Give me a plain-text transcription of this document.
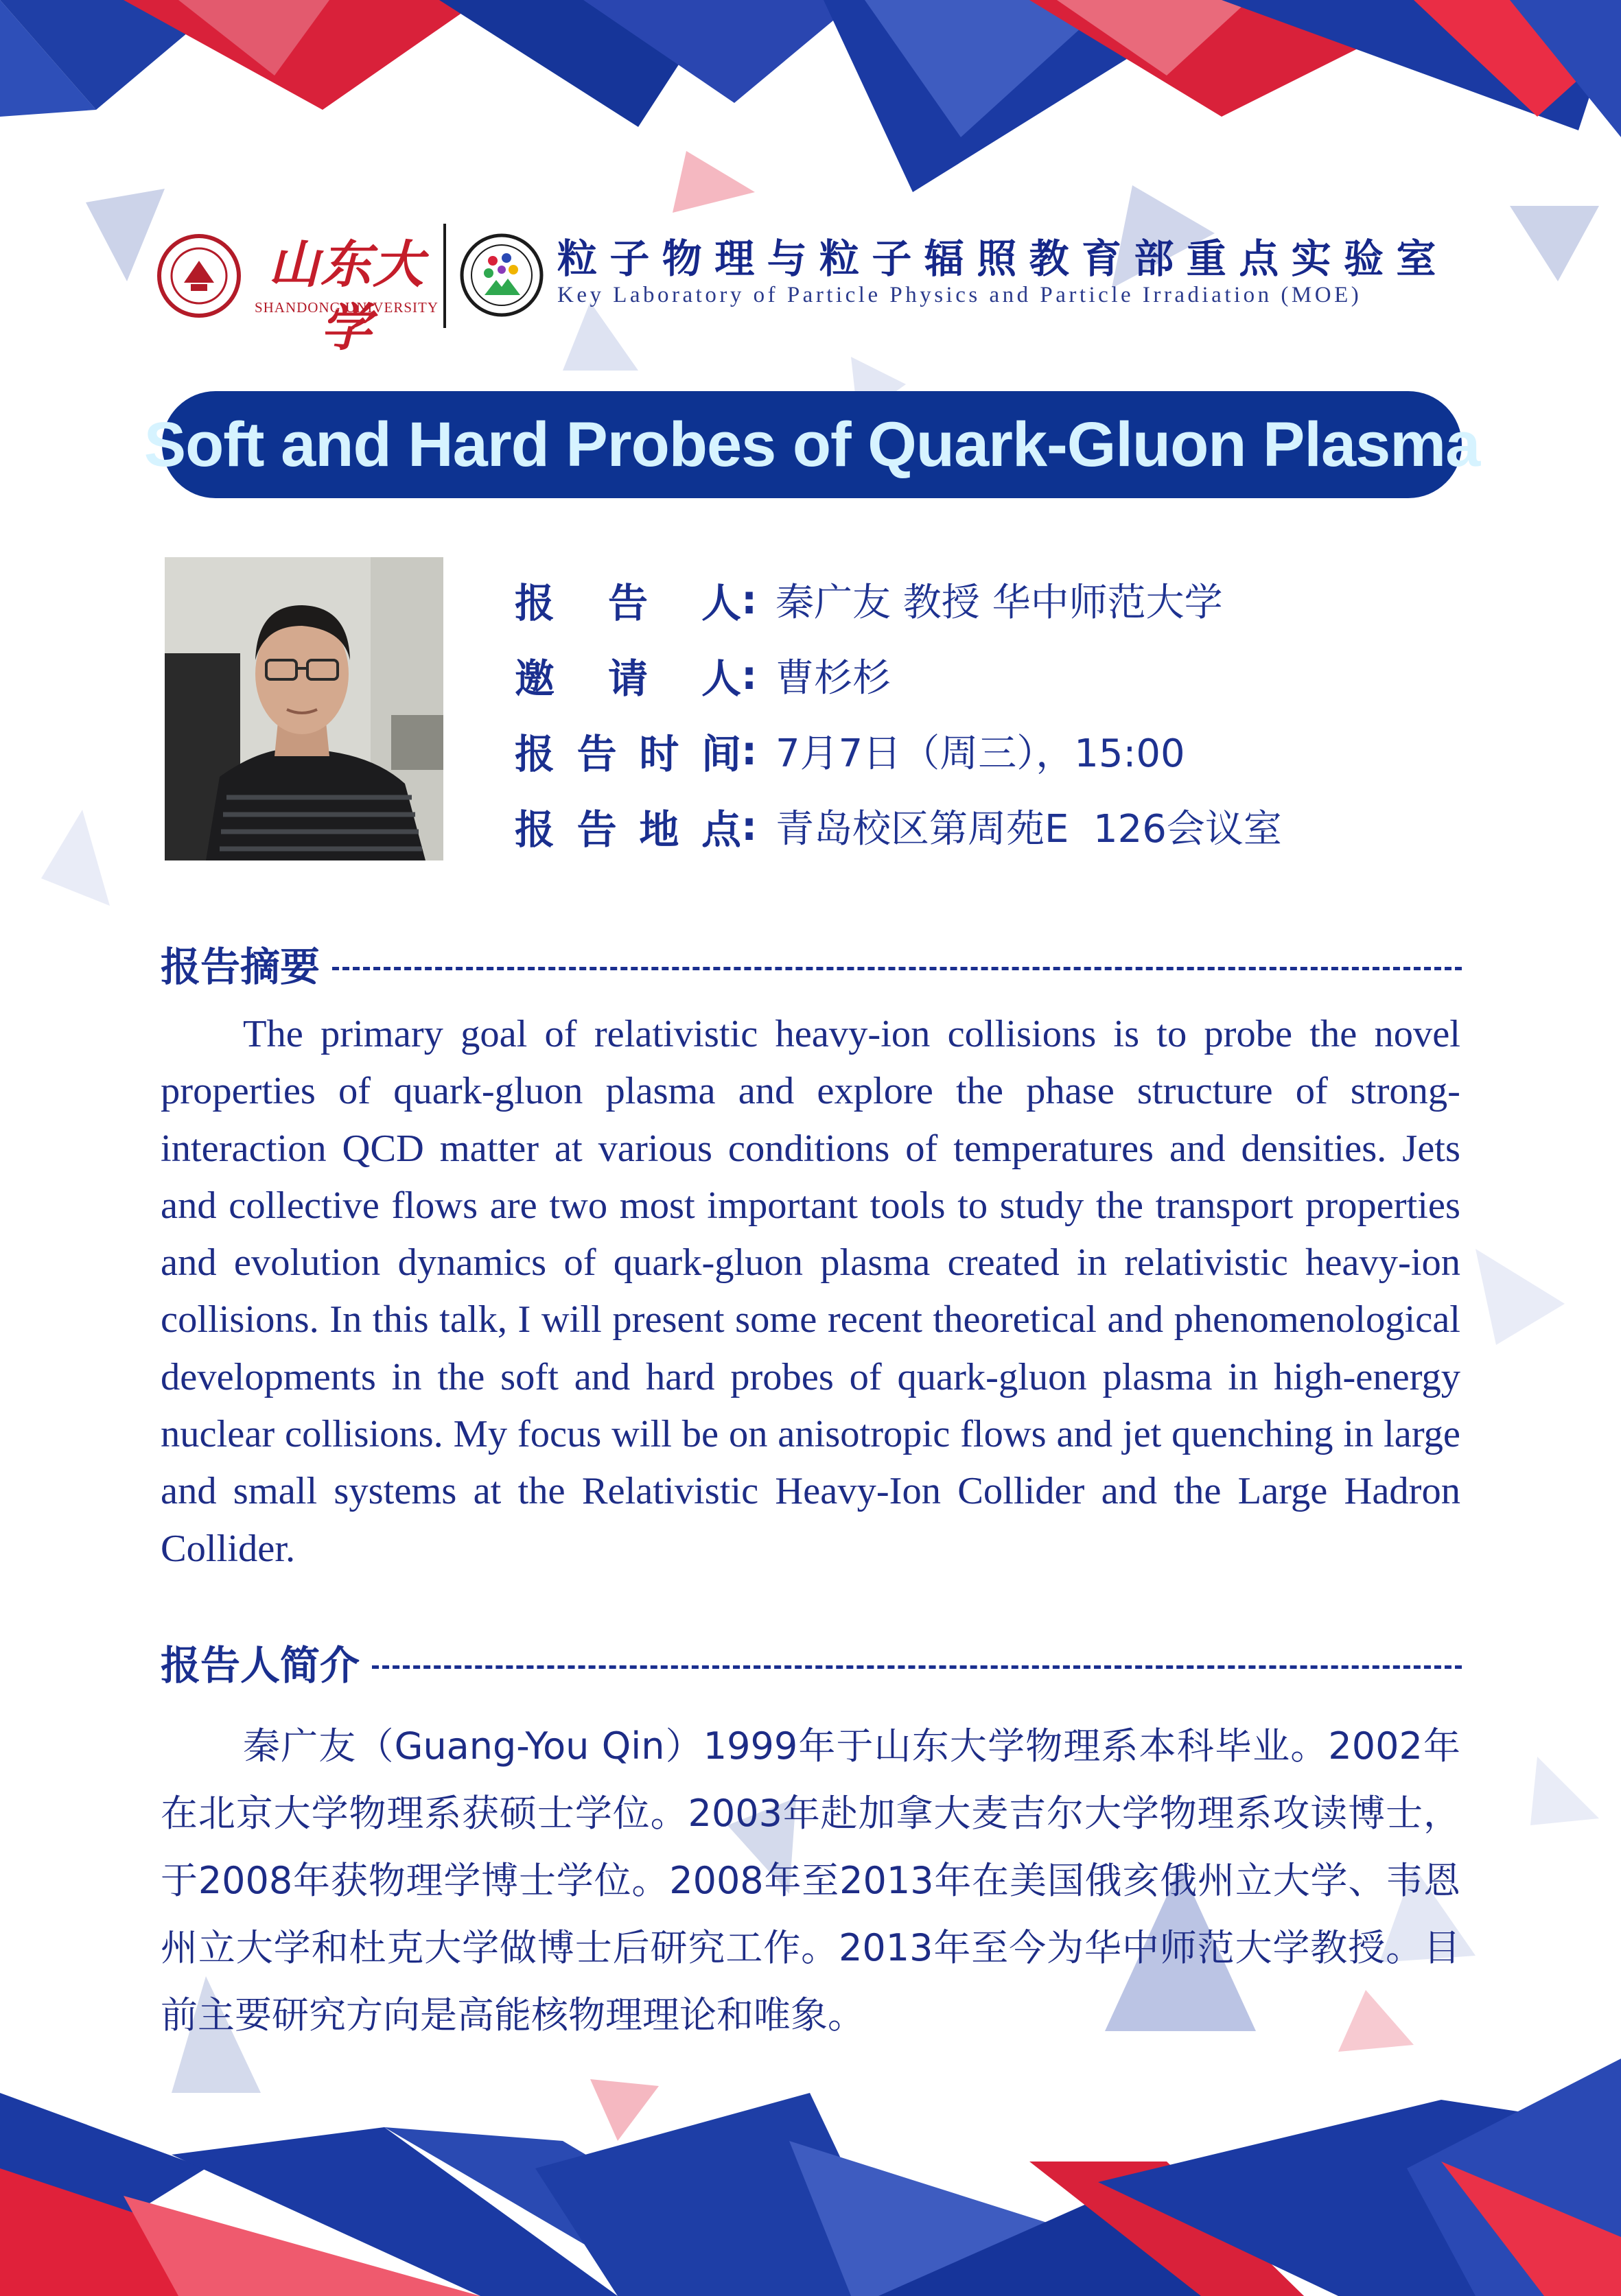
山东大学
SHANDONG UNIVERSITY
粒子物理与粒子辐照教育部重点实验室
Key Laboratory of Particle Physics and Particle Irradiation (MOE)
Soft and Hard Probes of Quark-Gluon Plasma
报 告 人 : 秦广友 教授 华中师范大学
邀 请 人 : 曹杉杉
报 告 时 间 : 7月7日（周三），15:00
报 告 地 点 : 青岛校区第周苑E  126会议室
报告摘要
The primary goal of relativistic heavy-ion collisions is to probe the novel properties of quark-gluon plasma and explore the phase structure of strong-interaction QCD matter at various conditions of temperatures and densities. Jets and collective flows are two most important tools to study the transport properties and evolution dynamics of quark-gluon plasma created in relativistic heavy-ion collisions. In this talk, I will present some recent theoretical and phenomenological developments in the soft and hard probes of quark-gluon plasma in high-energy nuclear collisions. My focus will be on anisotropic flows and jet quenching in large and small systems at the Relativistic Heavy-Ion Collider and the Large Hadron Collider.
报告人简介
秦广友（Guang-You Qin）1999年于山东大学物理系本科毕业。2002年在北京大学物理系获硕士学位。2003年赴加拿大麦吉尔大学物理系攻读博士，于2008年获物理学博士学位。2008年至2013年在美国俄亥俄州立大学、韦恩州立大学和杜克大学做博士后研究工作。2013年至今为华中师范大学教授。目前主要研究方向是高能核物理理论和唯象。
